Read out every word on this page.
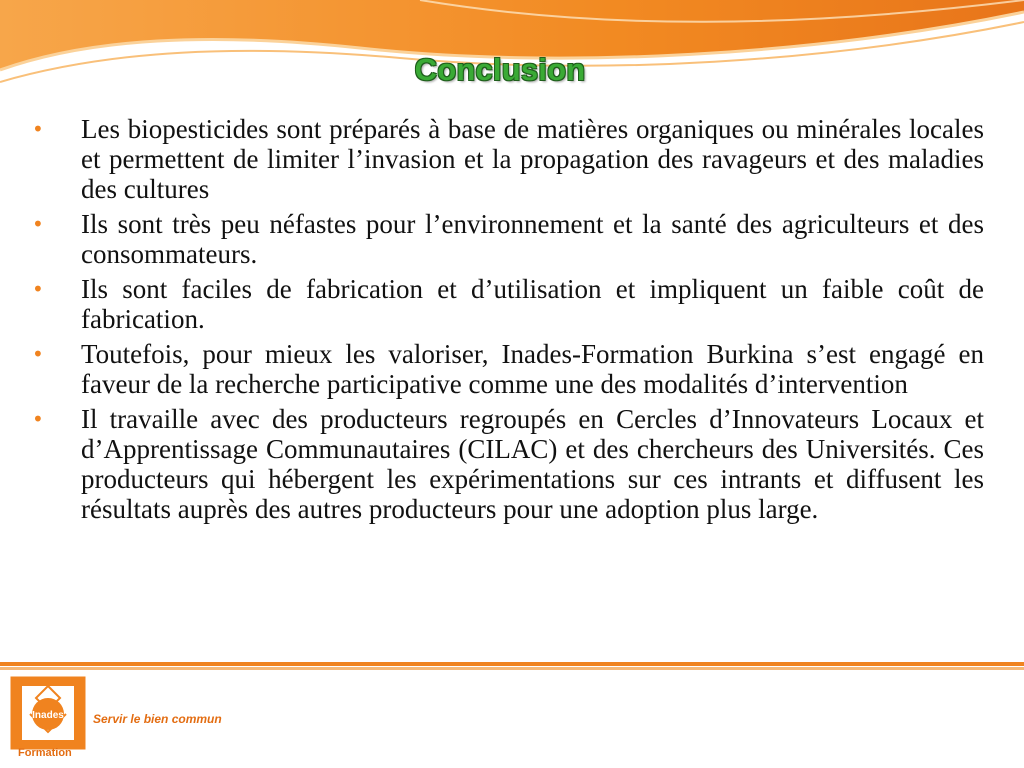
Conclusion
•	Les biopesticides sont préparés à base de matières organiques ou minérales locales et permettent de limiter l’invasion et la propagation des ravageurs et des maladies des cultures
•	Ils sont très peu néfastes pour l’environnement et la santé des agriculteurs et des consommateurs.
•	Ils sont faciles de fabrication et d’utilisation et impliquent un faible coût de fabrication.
•	Toutefois, pour mieux les valoriser, Inades-Formation Burkina s’est engagé en faveur de la recherche participative comme une des modalités d’intervention
•	Il travaille avec des producteurs regroupés en Cercles d’Innovateurs Locaux et d’Apprentissage Communautaires (CILAC) et des chercheurs des Universités. Ces producteurs qui hébergent les expérimentations sur ces intrants et diffusent les résultats auprès des autres producteurs pour une adoption plus large.
Inades
Formation
Servir le bien commun
